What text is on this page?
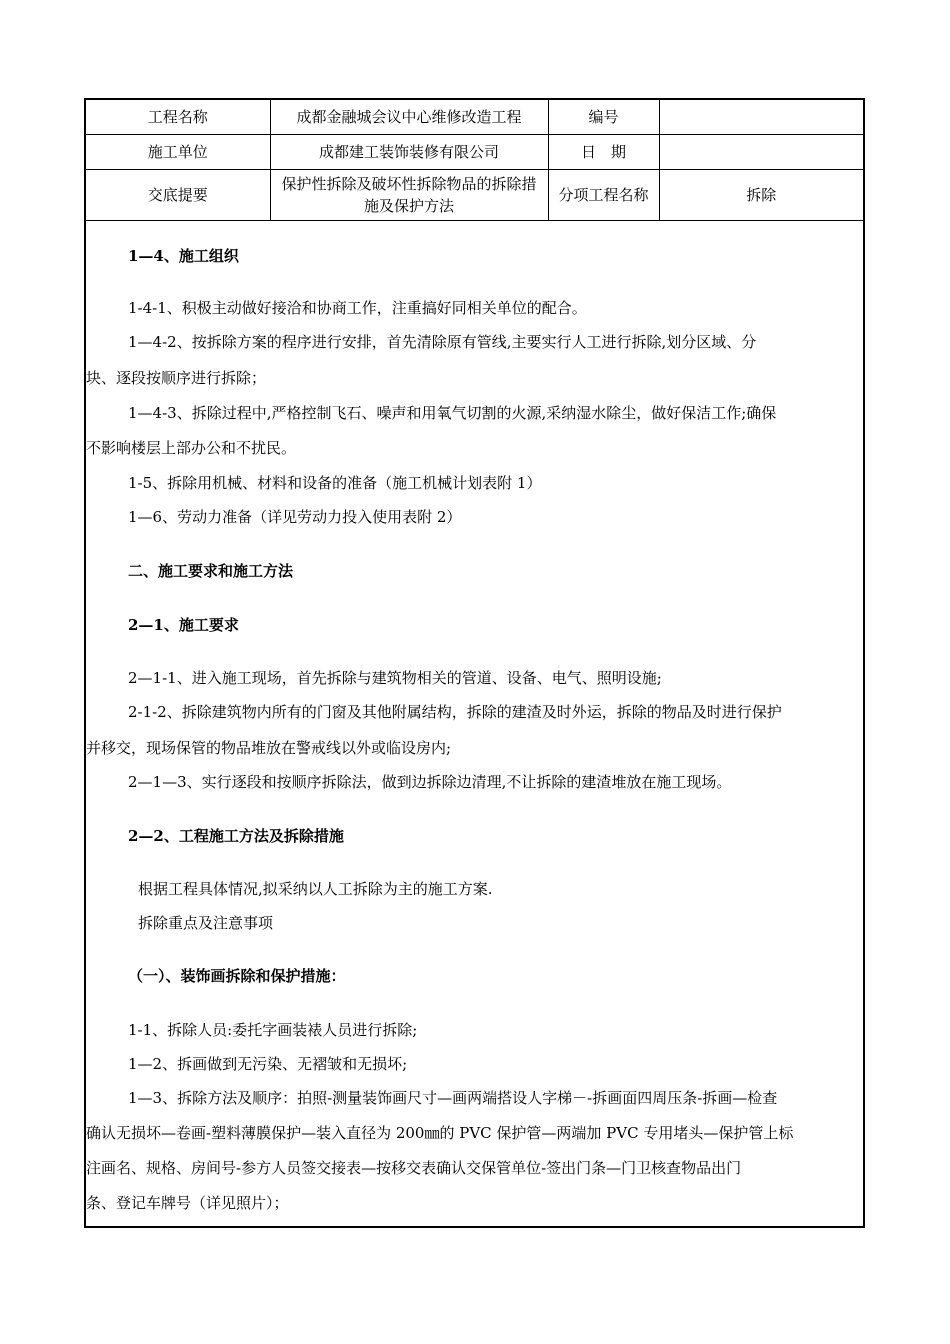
工程名称	成都金融城会议中心维修改造工程	编号	
施工单位	成都建工装饰装修有限公司	日　期	
交底提要	保护性拆除及破坏性拆除物品的拆除措施及保护方法	分项工程名称	拆除
1—4、施工组织
1-4-1、积极主动做好接洽和协商工作，注重搞好同相关单位的配合。
1—4-2、按拆除方案的程序进行安排，首先清除原有管线,主要实行人工进行拆除,划分区域、分
块、逐段按顺序进行拆除；
1—4-3、拆除过程中,严格控制飞石、噪声和用氧气切割的火源,采纳湿水除尘，做好保洁工作;确保
不影响楼层上部办公和不扰民。
1-5、拆除用机械、材料和设备的准备（施工机械计划表附 1）
1—6、劳动力准备（详见劳动力投入使用表附 2）
二、施工要求和施工方法
2—1、施工要求
2—1-1、进入施工现场，首先拆除与建筑物相关的管道、设备、电气、照明设施;
2-1-2、拆除建筑物内所有的门窗及其他附属结构，拆除的建渣及时外运，拆除的物品及时进行保护
并移交，现场保管的物品堆放在警戒线以外或临设房内;
2—1—3、实行逐段和按顺序拆除法，做到边拆除边清理,不让拆除的建渣堆放在施工现场。
2—2、工程施工方法及拆除措施
根据工程具体情况,拟采纳以人工拆除为主的施工方案.
拆除重点及注意事项
（一）、装饰画拆除和保护措施：
1-1、拆除人员:委托字画装裱人员进行拆除;
1—2、拆画做到无污染、无褶皱和无损坏;
1—3、拆除方法及顺序：拍照-测量装饰画尺寸—画两端搭设人字梯－-拆画面四周压条-拆画—检查
确认无损坏—卷画-塑料薄膜保护—装入直径为 200㎜的 PVC 保护管—两端加 PVC 专用堵头—保护管上标
注画名、规格、房间号-参方人员签交接表—按移交表确认交保管单位-签出门条—门卫核查物品出门
条、登记车牌号（详见照片）；
